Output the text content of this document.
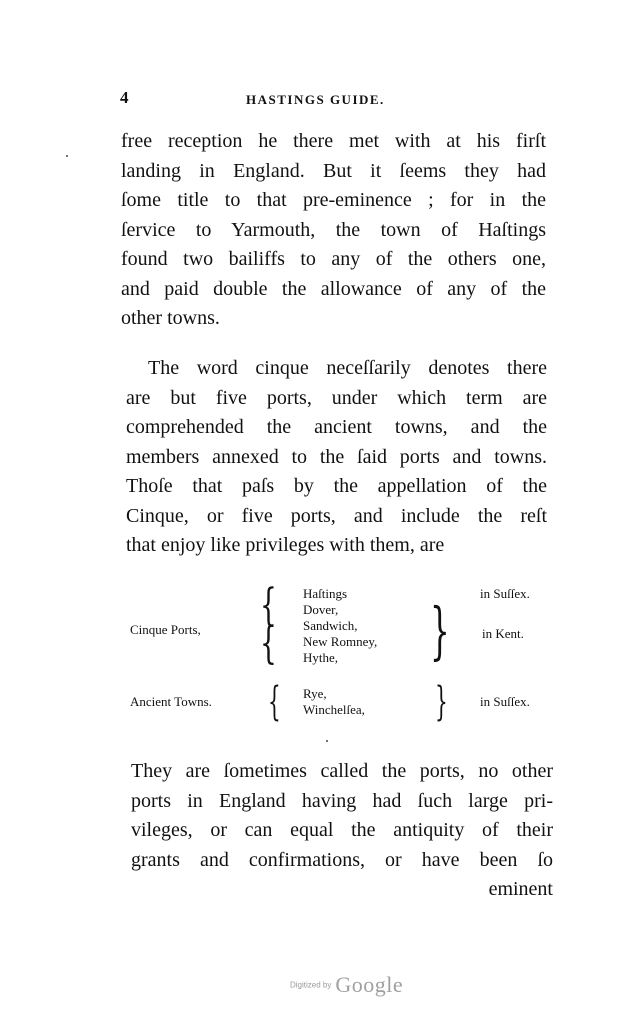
4	HASTINGS GUIDE.
free reception he there met with at his firſt
landing in England. But it ſeems they had
ſome title to that pre-eminence ; for in the
ſervice to Yarmouth, the town of Haſtings
found two bailiffs to any of the others one,
and paid double the allowance of any of the
other towns.
The word cinque neceſſarily denotes there
are but five ports, under which term are
comprehended the ancient towns, and the
members annexed to the ſaid ports and towns.
Thoſe that paſs by the appellation of the
Cinque, or five ports, and include the reſt
that enjoy like privileges with them, are
Cinque Ports, {
{
Haſtings
Dover,
Sandwich,
New Romney,
Hythe, }
in Suſſex.
in Kent.
Ancient Towns. { Rye,
Winchelſea, } in Suſſex.
They are ſometimes called the ports, no other
ports in England having had ſuch large pri-
vileges, or can equal the antiquity of their
grants and confirmations, or have been ſo
eminent
Digitized by Google
